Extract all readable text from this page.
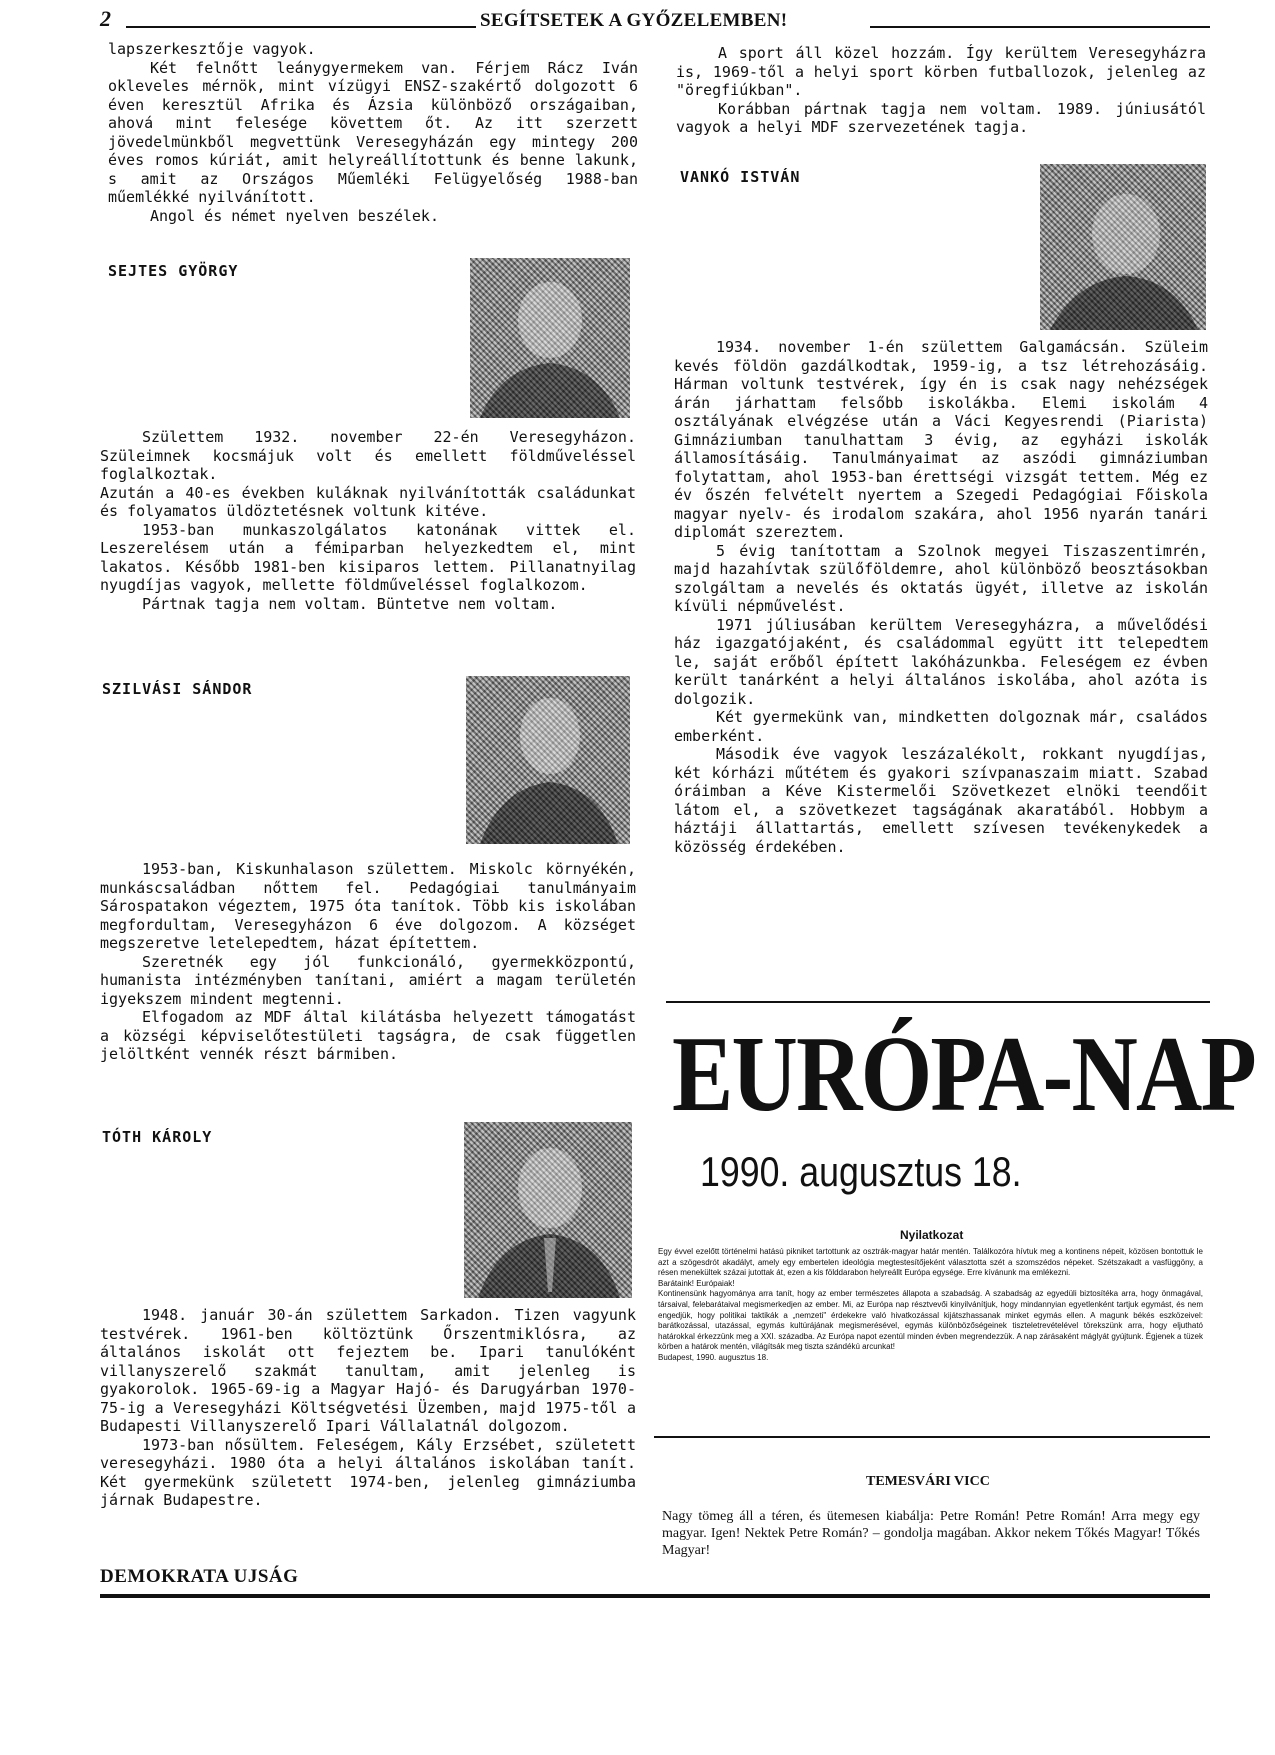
2	SEGÍTSETEK A GYŐZELEMBEN!

lapszerkesztője vagyok.

Két felnőtt leánygyermekem van. Férjem Rácz Iván okleveles mérnök, mint vízügyi ENSZ-szakértő dolgozott 6 éven keresztül Afrika és Ázsia különböző országaiban, ahová mint felesége követtem őt. Az itt szerzett jövedelmünkből megvettünk Veresegyházán egy mintegy 200 éves romos kúriát, amit helyreállítottunk és benne lakunk, s amit az Országos Műemléki Felügyelőség 1988-ban műemlékké nyilvánított.

Angol és német nyelven beszélek.

SEJTES GYÖRGY

Születtem 1932. november 22-én Veresegyházon. Szüleimnek kocsmájuk volt és emellett földműveléssel foglalkoztak.

Azután a 40-es években kuláknak nyilvánították családunkat és folyamatos üldöztetésnek voltunk kitéve.

1953-ban munkaszolgálatos katonának vittek el. Leszerelésem után a fémiparban helyezkedtem el, mint lakatos. Később 1981-ben kisiparos lettem. Pillanatnyilag nyugdíjas vagyok, mellette földműveléssel foglalkozom.

Pártnak tagja nem voltam. Büntetve nem voltam.

SZILVÁSI SÁNDOR

1953-ban, Kiskunhalason születtem. Miskolc környékén, munkáscsaládban nőttem fel. Pedagógiai tanulmányaim Sárospatakon végeztem, 1975 óta tanítok. Több kis iskolában megfordultam, Veresegyházon 6 éve dolgozom. A községet megszeretve letelepedtem, házat építettem.

Szeretnék egy jól funkcionáló, gyermekközpontú, humanista intézményben tanítani, amiért a magam területén igyekszem mindent megtenni.

Elfogadom az MDF által kilátásba helyezett támogatást a községi képviselőtestületi tagságra, de csak független jelöltként vennék részt bármiben.

TÓTH KÁROLY

1948. január 30-án születtem Sarkadon. Tizen vagyunk testvérek. 1961-ben költöztünk Őrszentmiklósra, az általános iskolát ott fejeztem be. Ipari tanulóként villanyszerelő szakmát tanultam, amit jelenleg is gyakorolok. 1965-69-ig a Magyar Hajó- és Darugyárban 1970-75-ig a Veresegyházi Költségvetési Üzemben, majd 1975-től a Budapesti Villanyszerelő Ipari Vállalatnál dolgozom.

1973-ban nősültem. Feleségem, Kály Erzsébet, született veresegyházi. 1980 óta a helyi általános iskolában tanít. Két gyermekünk született 1974-ben, jelenleg gimnáziumba járnak Budapestre.

A sport áll közel hozzám. Így kerültem Veresegyházra is, 1969-től a helyi sport körben futballozok, jelenleg az "öregfiúkban".

Korábban pártnak tagja nem voltam. 1989. júniusától vagyok a helyi MDF szervezetének tagja.

VANKÓ ISTVÁN

1934. november 1-én születtem Galgamácsán. Szüleim kevés földön gazdálkodtak, 1959-ig, a tsz létrehozásáig. Hárman voltunk testvérek, így én is csak nagy nehézségek árán járhattam felsőbb iskolákba. Elemi iskolám 4 osztályának elvégzése után a Váci Kegyesrendi (Piarista) Gimnáziumban tanulhattam 3 évig, az egyházi iskolák államosításáig. Tanulmányaimat az aszódi gimnáziumban folytattam, ahol 1953-ban érettségi vizsgát tettem. Még ez év őszén felvételt nyertem a Szegedi Pedagógiai Főiskola magyar nyelv- és irodalom szakára, ahol 1956 nyarán tanári diplomát szereztem.

5 évig tanítottam a Szolnok megyei Tiszaszentimrén, majd hazahívtak szülőföldemre, ahol különböző beosztásokban szolgáltam a nevelés és oktatás ügyét, illetve az iskolán kívüli népművelést.

1971 júliusában kerültem Veresegyházra, a művelődési ház igazgatójaként, és családommal együtt itt telepedtem le, saját erőből épített lakóházunkba. Feleségem ez évben került tanárként a helyi általános iskolába, ahol azóta is dolgozik.

Két gyermekünk van, mindketten dolgoznak már, családos emberként.

Második éve vagyok leszázalékolt, rokkant nyugdíjas, két kórházi műtétem és gyakori szívpanaszaim miatt. Szabad óráimban a Kéve Kistermelői Szövetkezet elnöki teendőit látom el, a szövetkezet tagságának akaratából. Hobbym a háztáji állattartás, emellett szívesen tevékenykedek a közösség érdekében.

EURÓPA-NAP
1990. augusztus 18.
Nyilatkozat

Egy évvel ezelőtt történelmi hatású pikniket tartottunk az osztrák-magyar határ mentén. Találkozóra hívtuk meg a kontinens népeit, közösen bontottuk le azt a szögesdrót akadályt, amely egy embertelen ideológia megtestesítőjeként választotta szét a szomszédos népeket. Szétszakadt a vasfüggöny, a résen menekültek százai jutottak át, ezen a kis földdarabon helyreállt Európa egysége. Erre kívánunk ma emlékezni.

Barátaink! Európaiak!

Kontinensünk hagyománya arra tanít, hogy az ember természetes állapota a szabadság. A szabadság az egyedüli biztosítéka arra, hogy önmagával, társaival, felebarátaival megismerkedjen az ember. Mi, az Európa nap résztvevői kinyilvánítjuk, hogy mindannyian egyetlenként tartjuk egymást, és nem engedjük, hogy politikai taktikák a „nemzeti" érdekekre való hivatkozással kijátszhassanak minket egymás ellen. A magunk békés eszközeivel: barátkozással, utazással, egymás kultúrájának megismerésével, egymás különbözőségeinek tiszteletrevételével törekszünk arra, hogy eljutható határokkal érkezzünk meg a XXI. századba. Az Európa napot ezentúl minden évben megrendezzük. A nap zárásaként máglyát gyújtunk. Égjenek a tüzek körben a határok mentén, világítsák meg tiszta szándékú arcunkat!

Budapest, 1990. augusztus 18.

TEMESVÁRI VICC
Nagy tömeg áll a téren, és ütemesen kiabálja: Petre Román! Petre Román! Arra megy egy magyar. Igen! Nektek Petre Román? – gondolja magában. Akkor nekem Tőkés Magyar! Tőkés Magyar!
DEMOKRATA UJSÁG
